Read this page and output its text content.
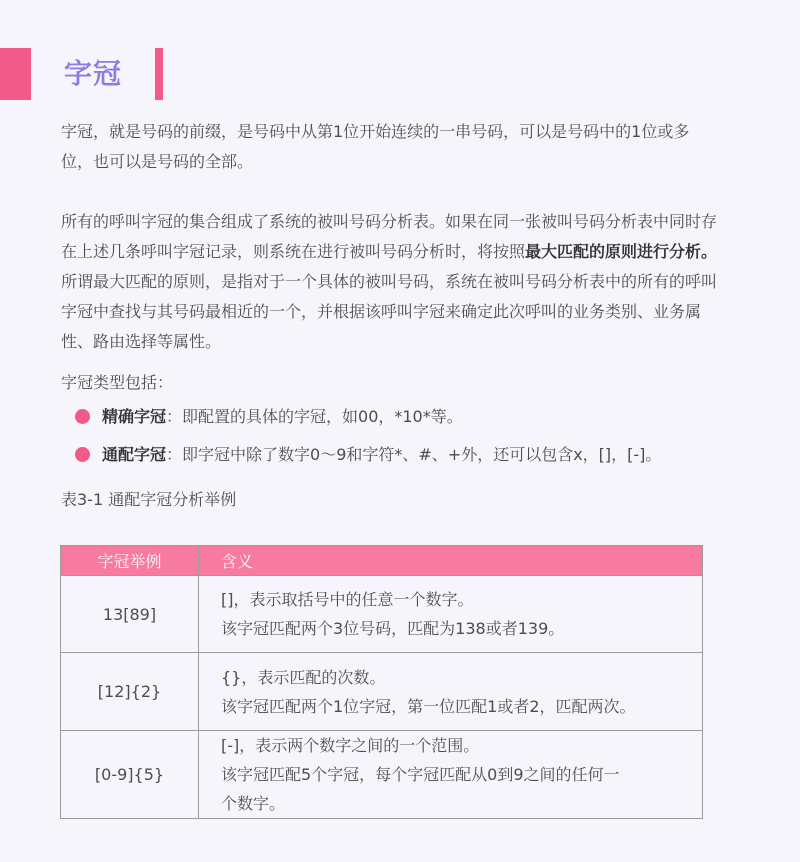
字冠

字冠，就是号码的前缀，是号码中从第1位开始连续的一串号码，可以是号码中的1位或多位，也可以是号码的全部。

所有的呼叫字冠的集合组成了系统的被叫号码分析表。如果在同一张被叫号码分析表中同时存在上述几条呼叫字冠记录，则系统在进行被叫号码分析时，将按照最大匹配的原则进行分析。所谓最大匹配的原则，是指对于一个具体的被叫号码，系统在被叫号码分析表中的所有的呼叫字冠中查找与其号码最相近的一个，并根据该呼叫字冠来确定此次呼叫的业务类别、业务属性、路由选择等属性。

字冠类型包括：

精确字冠：即配置的具体的字冠，如00，*10*等。
通配字冠：即字冠中除了数字0～9和字符*、#、+外，还可以包含x，[]，[-]。

表3-1 通配字冠分析举例

字冠举例	含义
13[89]	[]，表示取括号中的任意一个数字。
该字冠匹配两个3位号码，匹配为138或者139。

[12]{2}	{}，表示匹配的次数。
该字冠匹配两个1位字冠，第一位匹配1或者2，匹配两次。

[0-9]{5}	[-]，表示两个数字之间的一个范围。
该字冠匹配5个字冠，每个字冠匹配从0到9之间的任何一
个数字。
